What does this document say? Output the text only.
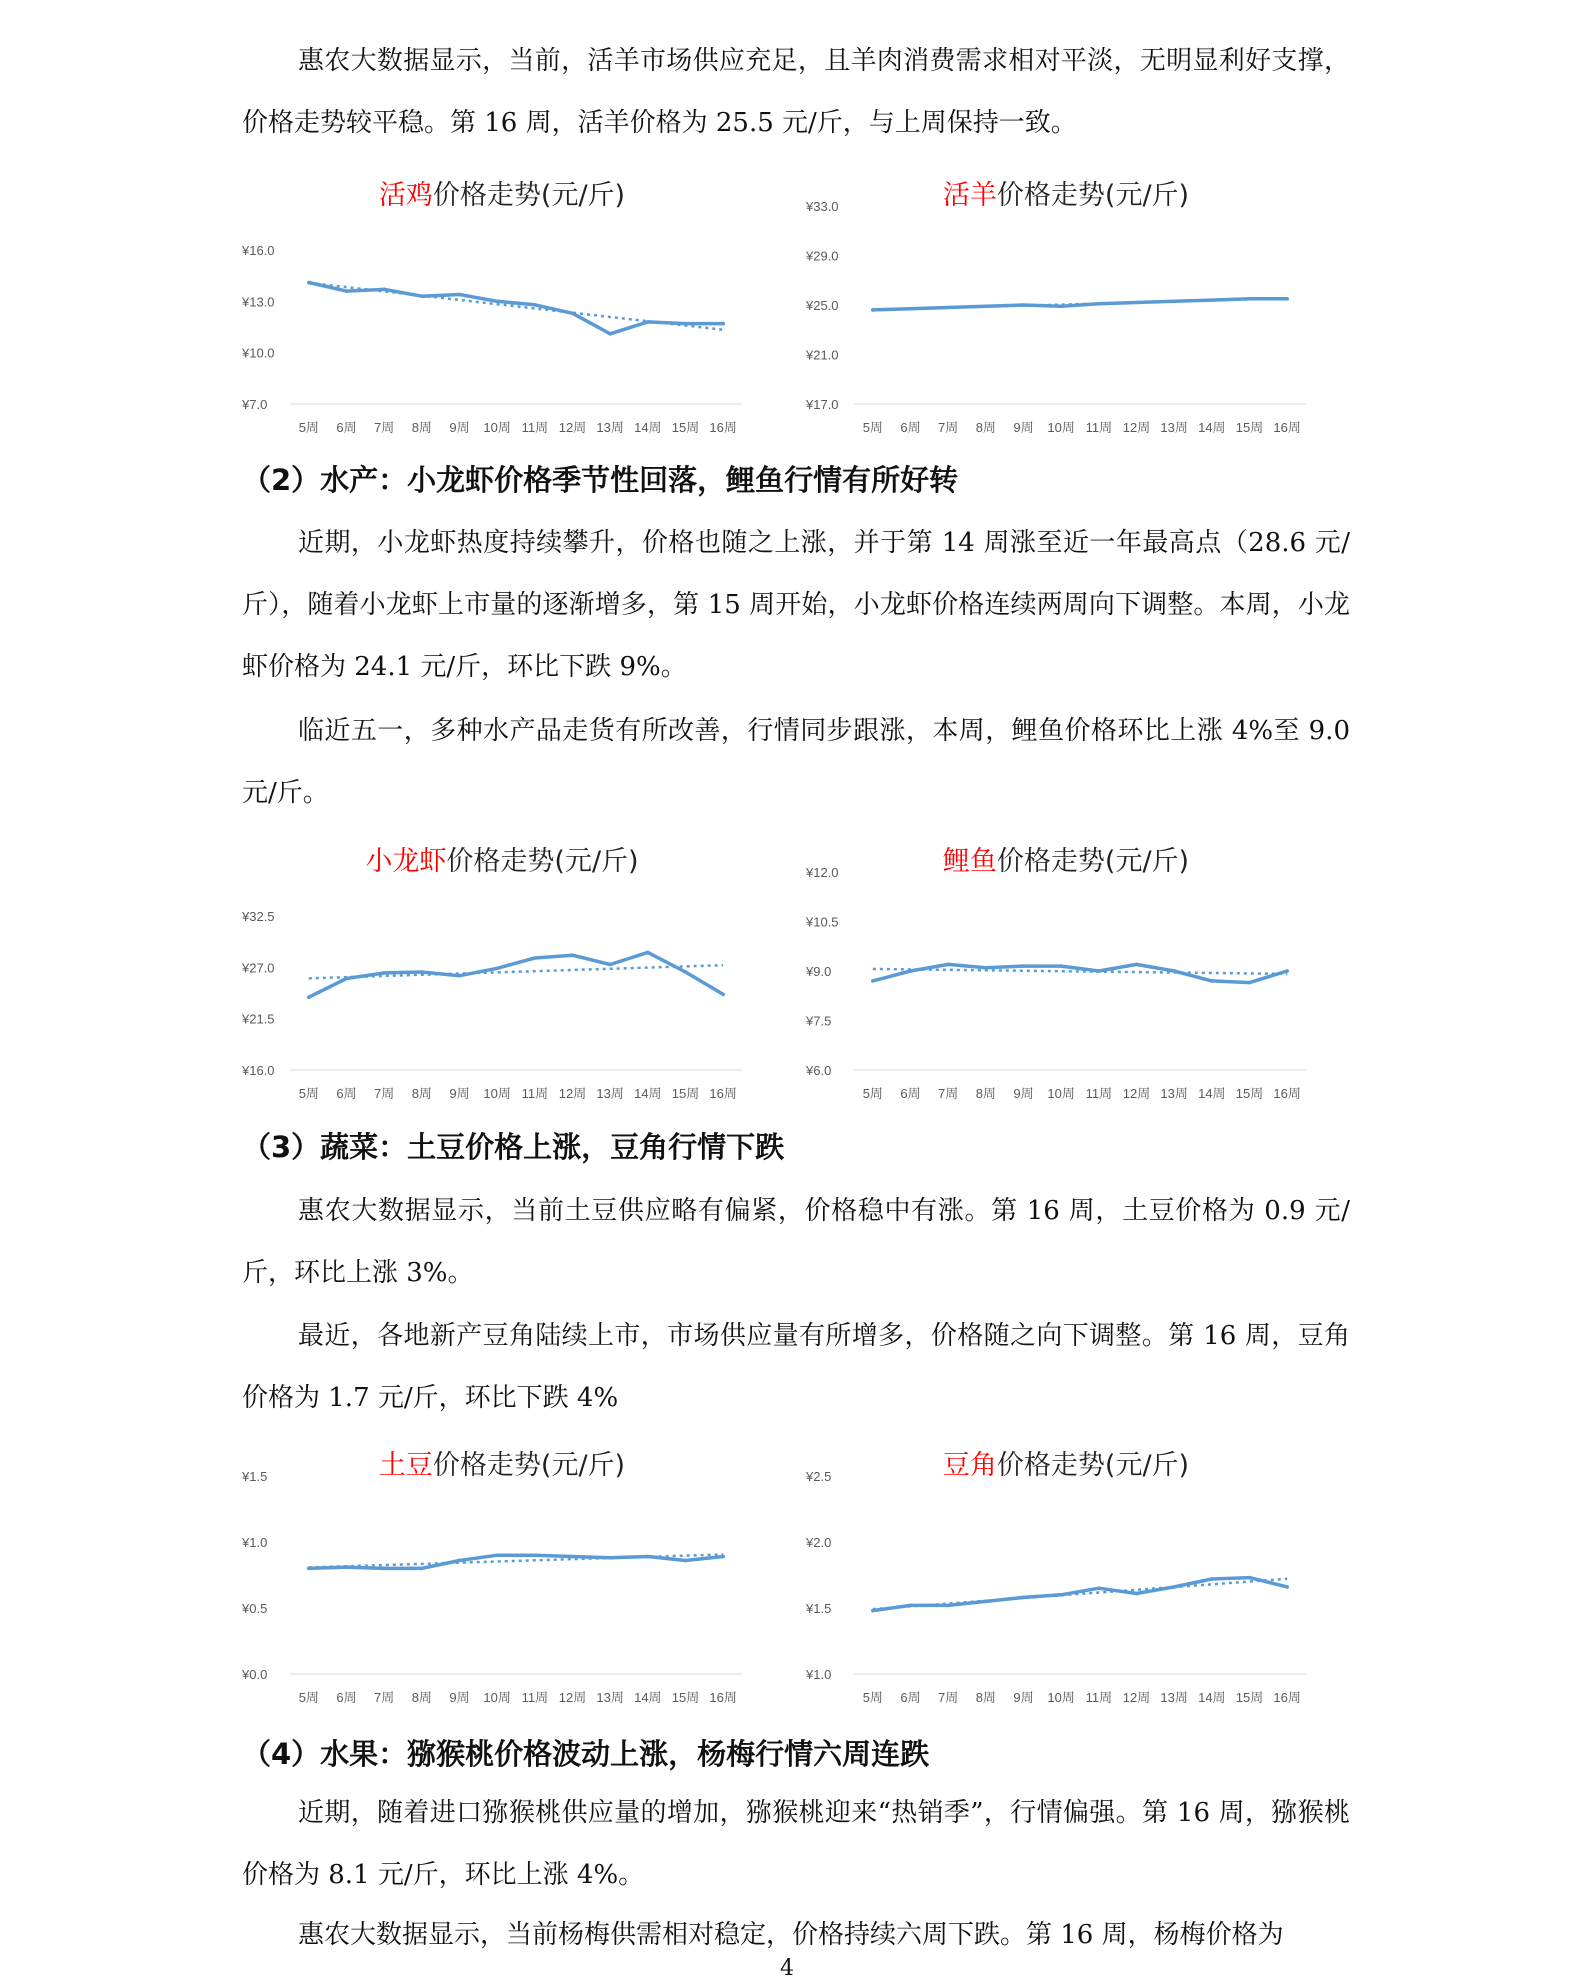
惠农大数据显示，当前，活羊市场供应充足，且羊肉消费需求相对平淡，无明显利好支撑，价格走势较平稳。第 16 周，活羊价格为 25.5 元/斤，与上周保持一致。

活鸡价格走势(元/斤)
¥16.0
¥13.0
¥10.0
¥7.0
5周 6周 7周 8周 9周 10周 11周 12周 13周 14周 15周 16周
活羊价格走势(元/斤)
¥33.0
¥29.0
¥25.0
¥21.0
¥17.0
5周 6周 7周 8周 9周 10周 11周 12周 13周 14周 15周 16周
（2）水产：小龙虾价格季节性回落，鲤鱼行情有所好转

近期，小龙虾热度持续攀升，价格也随之上涨，并于第 14 周涨至近一年最高点（28.6 元/斤），随着小龙虾上市量的逐渐增多，第 15 周开始，小龙虾价格连续两周向下调整。本周，小龙虾价格为 24.1 元/斤，环比下跌 9%。

临近五一，多种水产品走货有所改善，行情同步跟涨，本周，鲤鱼价格环比上涨 4%至 9.0 元/斤。

小龙虾价格走势(元/斤)
¥32.5
¥27.0
¥21.5
¥16.0
5周 6周 7周 8周 9周 10周 11周 12周 13周 14周 15周 16周
鲤鱼价格走势(元/斤)
¥12.0
¥10.5
¥9.0
¥7.5
¥6.0
5周 6周 7周 8周 9周 10周 11周 12周 13周 14周 15周 16周
（3）蔬菜：土豆价格上涨，豆角行情下跌

惠农大数据显示，当前土豆供应略有偏紧，价格稳中有涨。第 16 周，土豆价格为 0.9 元/斤，环比上涨 3%。

最近，各地新产豆角陆续上市，市场供应量有所增多，价格随之向下调整。第 16 周，豆角价格为 1.7 元/斤，环比下跌 4%

土豆价格走势(元/斤)
¥1.5
¥1.0
¥0.5
¥0.0
5周 6周 7周 8周 9周 10周 11周 12周 13周 14周 15周 16周
豆角价格走势(元/斤)
¥2.5
¥2.0
¥1.5
¥1.0
5周 6周 7周 8周 9周 10周 11周 12周 13周 14周 15周 16周
（4）水果：猕猴桃价格波动上涨，杨梅行情六周连跌

近期，随着进口猕猴桃供应量的增加，猕猴桃迎来“热销季”，行情偏强。第 16 周，猕猴桃价格为 8.1 元/斤，环比上涨 4%。

惠农大数据显示，当前杨梅供需相对稳定，价格持续六周下跌。第 16 周，杨梅价格为

4
